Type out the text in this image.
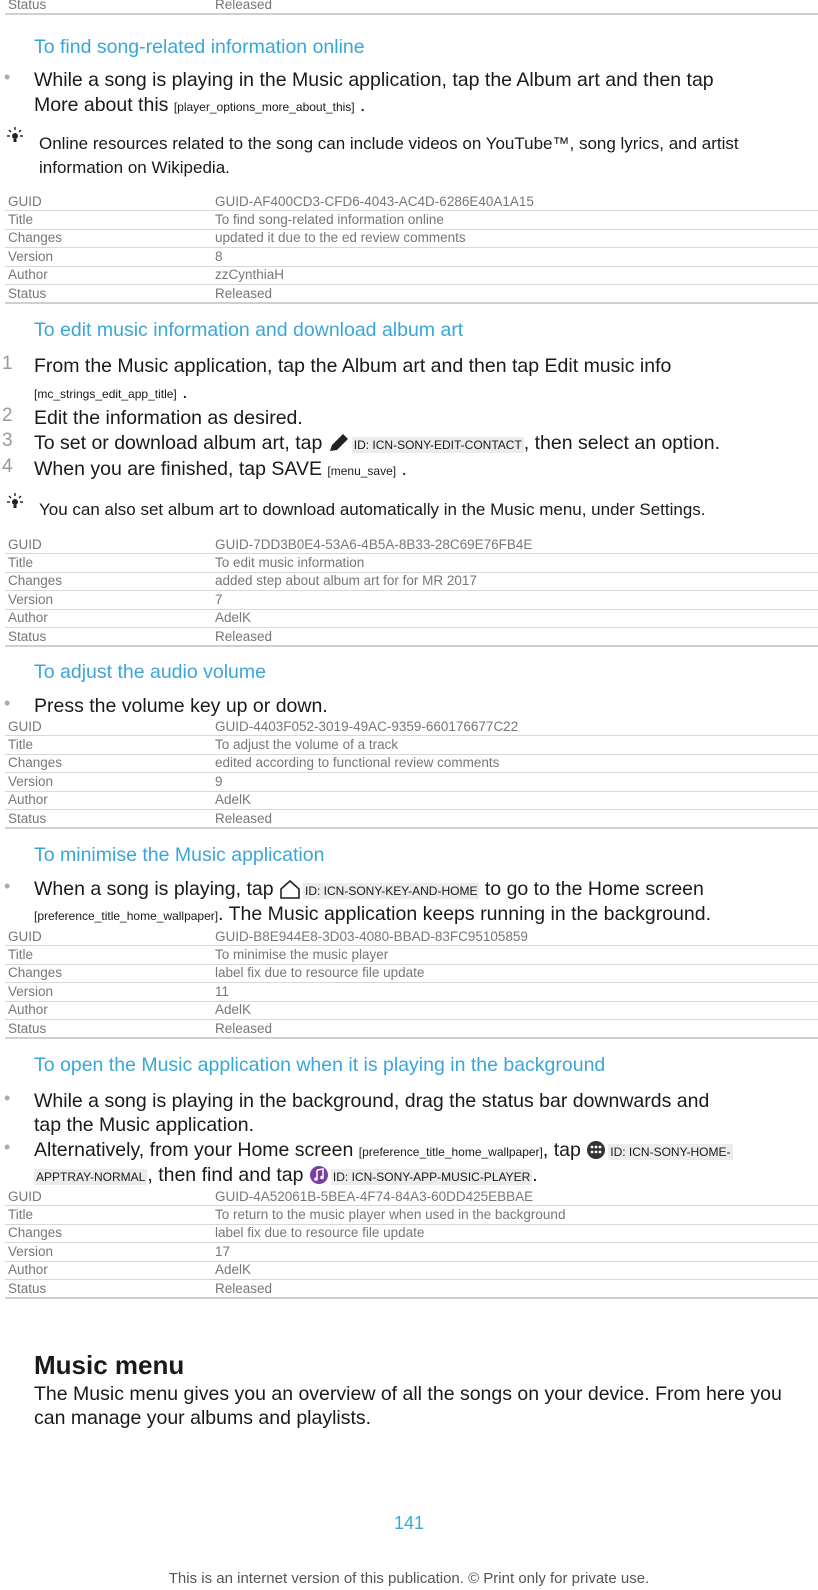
Status	Released
To find song-related information online
• While a song is playing in the Music application, tap the Album art and then tap
More about this [player_options_more_about_this] .
Online resources related to the song can include videos on YouTube™, song lyrics, and artist
information on Wikipedia.
GUID	GUID-AF400CD3-CFD6-4043-AC4D-6286E40A1A15
Title	To find song-related information online
Changes	updated it due to the ed review comments
Version	8
Author	zzCynthiaH
Status	Released
To edit music information and download album art
1 From the Music application, tap the Album art and then tap Edit music info
[mc_strings_edit_app_title] .
2 Edit the information as desired.
3 To set or download album art, tap	ID: ICN-SONY-EDIT-CONTACT , then select an option.
4 When you are finished, tap SAVE [menu_save] .
You can also set album art to download automatically in the Music menu, under Settings.
GUID	GUID-7DD3B0E4-53A6-4B5A-8B33-28C69E76FB4E
Title	To edit music information
Changes	added step about album art for for MR 2017
Version	7
Author	AdelK
Status	Released
To adjust the audio volume
• Press the volume key up or down.
GUID	GUID-4403F052-3019-49AC-9359-660176677C22
Title	To adjust the volume of a track
Changes	edited according to functional review comments
Version	9
Author	AdelK
Status	Released
To minimise the Music application
• When a song is playing, tap	ID: ICN-SONY-KEY-AND-HOME to go to the Home screen
[preference_title_home_wallpaper]. The Music application keeps running in the background.
GUID	GUID-B8E944E8-3D03-4080-BBAD-83FC95105859
Title	To minimise the music player
Changes	label fix due to resource file update
Version	11
Author	AdelK
Status	Released
To open the Music application when it is playing in the background
• While a song is playing in the background, drag the status bar downwards and
tap the Music application.
• Alternatively, from your Home screen [preference_title_home_wallpaper], tap ID: ICN-SONY-HOME-
APPTRAY-NORMAL , then find and tap ID: ICN-SONY-APP-MUSIC-PLAYER .
GUID	GUID-4A52061B-5BEA-4F74-84A3-60DD425EBBAE
Title	To return to the music player when used in the background
Changes	label fix due to resource file update
Version	17
Author	AdelK
Status	Released
Music menu

The Music menu gives you an overview of all the songs on your device. From here you can manage your albums and playlists.

141
This is an internet version of this publication. © Print only for private use.
